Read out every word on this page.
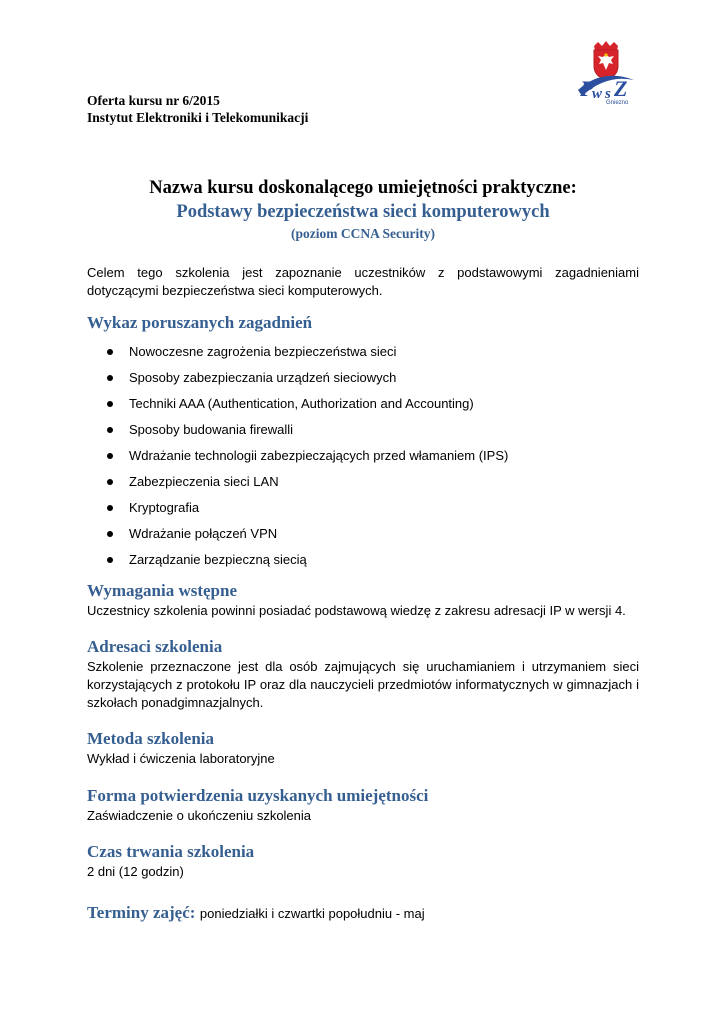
Oferta kursu nr 6/2015
Instytut Elektroniki i Telekomunikacji
P
w s Z
Gniezno
Nazwa kursu doskonalącego umiejętności praktyczne:
Podstawy bezpieczeństwa sieci komputerowych
(poziom CCNA Security)
Celem tego szkolenia jest zapoznanie uczestników z podstawowymi zagadnieniami dotyczącymi bezpieczeństwa sieci komputerowych.
Wykaz poruszanych zagadnień
Nowoczesne zagrożenia bezpieczeństwa sieci
Sposoby zabezpieczania urządzeń sieciowych
Techniki AAA (Authentication, Authorization and Accounting)
Sposoby budowania firewalli
Wdrażanie technologii zabezpieczających przed włamaniem (IPS)
Zabezpieczenia sieci LAN
Kryptografia
Wdrażanie połączeń VPN
Zarządzanie bezpieczną siecią
Wymagania wstępne

Uczestnicy szkolenia powinni posiadać podstawową wiedzę z zakresu adresacji IP w wersji 4.

Adresaci szkolenia

Szkolenie przeznaczone jest dla osób zajmujących się uruchamianiem i utrzymaniem sieci korzystających z protokołu IP oraz dla nauczycieli przedmiotów informatycznych w gimnazjach i szkołach ponadgimnazjalnych.

Metoda szkolenia

Wykład i ćwiczenia laboratoryjne

Forma potwierdzenia uzyskanych umiejętności

Zaświadczenie o ukończeniu szkolenia

Czas trwania szkolenia

2 dni (12 godzin)

Terminy zajęć: poniedziałki i czwartki popołudniu - maj
